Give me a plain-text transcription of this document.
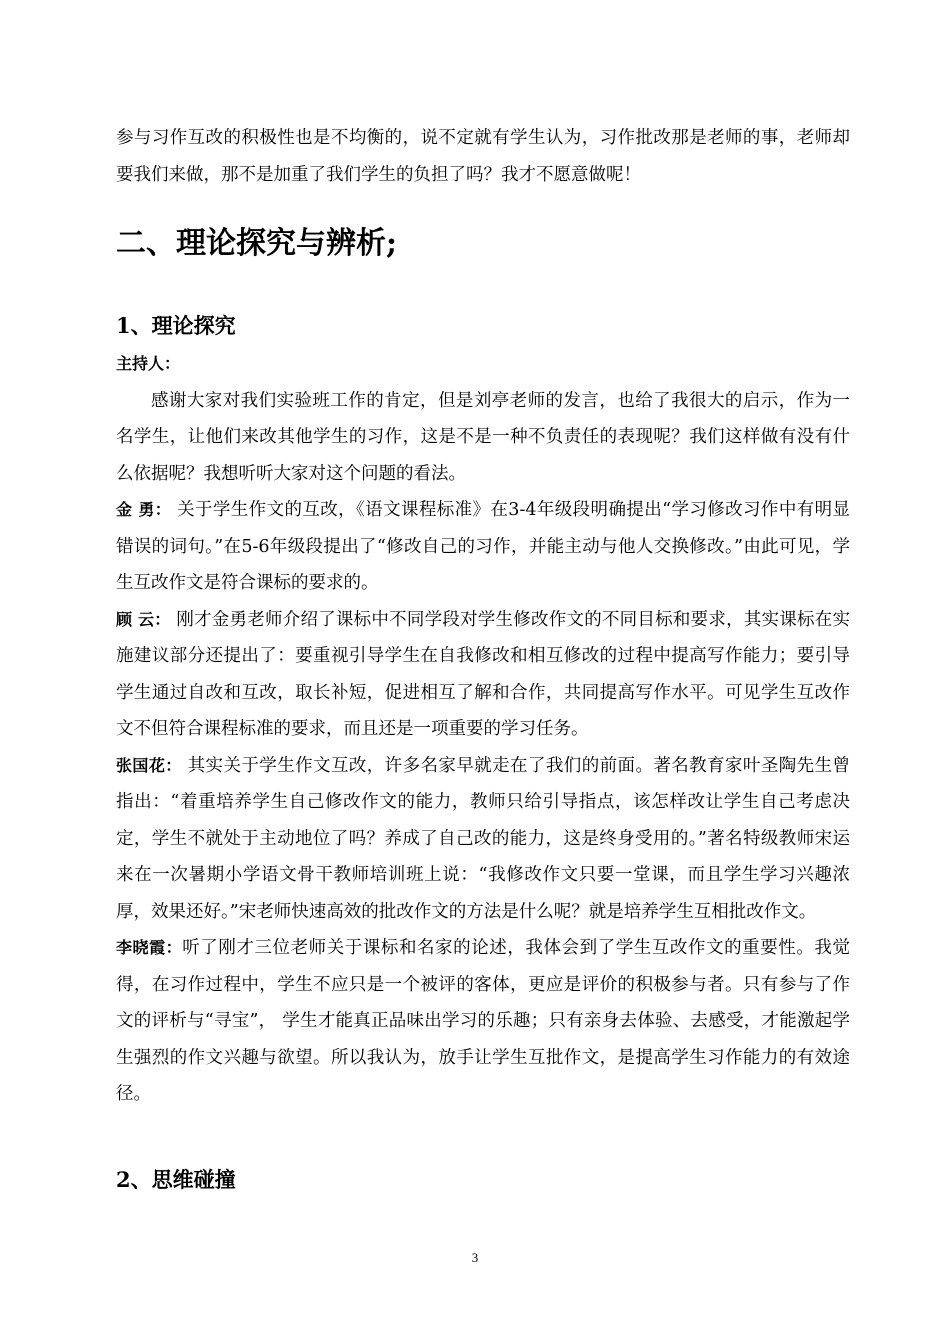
参与习作互改的积极性也是不均衡的，说不定就有学生认为，习作批改那是老师的事，老师却要我们来做，那不是加重了我们学生的负担了吗？我才不愿意做呢！

二、理论探究与辨析;
1、理论探究

主持人：

感谢大家对我们实验班工作的肯定，但是刘亭老师的发言，也给了我很大的启示，作为一名学生，让他们来改其他学生的习作，这是不是一种不负责任的表现呢？我们这样做有没有什么依据呢？我想听听大家对这个问题的看法。

金 勇： 关于学生作文的互改，《语文课程标准》在3-4年级段明确提出“学习修改习作中有明显错误的词句。”在5-6年级段提出了“修改自己的习作，并能主动与他人交换修改。”由此可见，学生互改作文是符合课标的要求的。

顾 云： 刚才金勇老师介绍了课标中不同学段对学生修改作文的不同目标和要求，其实课标在实施建议部分还提出了：要重视引导学生在自我修改和相互修改的过程中提高写作能力；要引导学生通过自改和互改，取长补短，促进相互了解和合作，共同提高写作水平。可见学生互改作文不但符合课程标准的要求，而且还是一项重要的学习任务。

张国花： 其实关于学生作文互改，许多名家早就走在了我们的前面。著名教育家叶圣陶先生曾指出：“着重培养学生自己修改作文的能力，教师只给引导指点，该怎样改让学生自己考虑决定，学生不就处于主动地位了吗？养成了自己改的能力，这是终身受用的。”著名特级教师宋运来在一次暑期小学语文骨干教师培训班上说：“我修改作文只要一堂课，而且学生学习兴趣浓厚，效果还好。”宋老师快速高效的批改作文的方法是什么呢？就是培养学生互相批改作文。

李晓霞：听了刚才三位老师关于课标和名家的论述，我体会到了学生互改作文的重要性。我觉得，在习作过程中，学生不应只是一个被评的客体，更应是评价的积极参与者。只有参与了作文的评析与“寻宝”， 学生才能真正品味出学习的乐趣；只有亲身去体验、去感受，才能激起学生强烈的作文兴趣与欲望。所以我认为，放手让学生互批作文，是提高学生习作能力的有效途径。

2、思维碰撞
3
